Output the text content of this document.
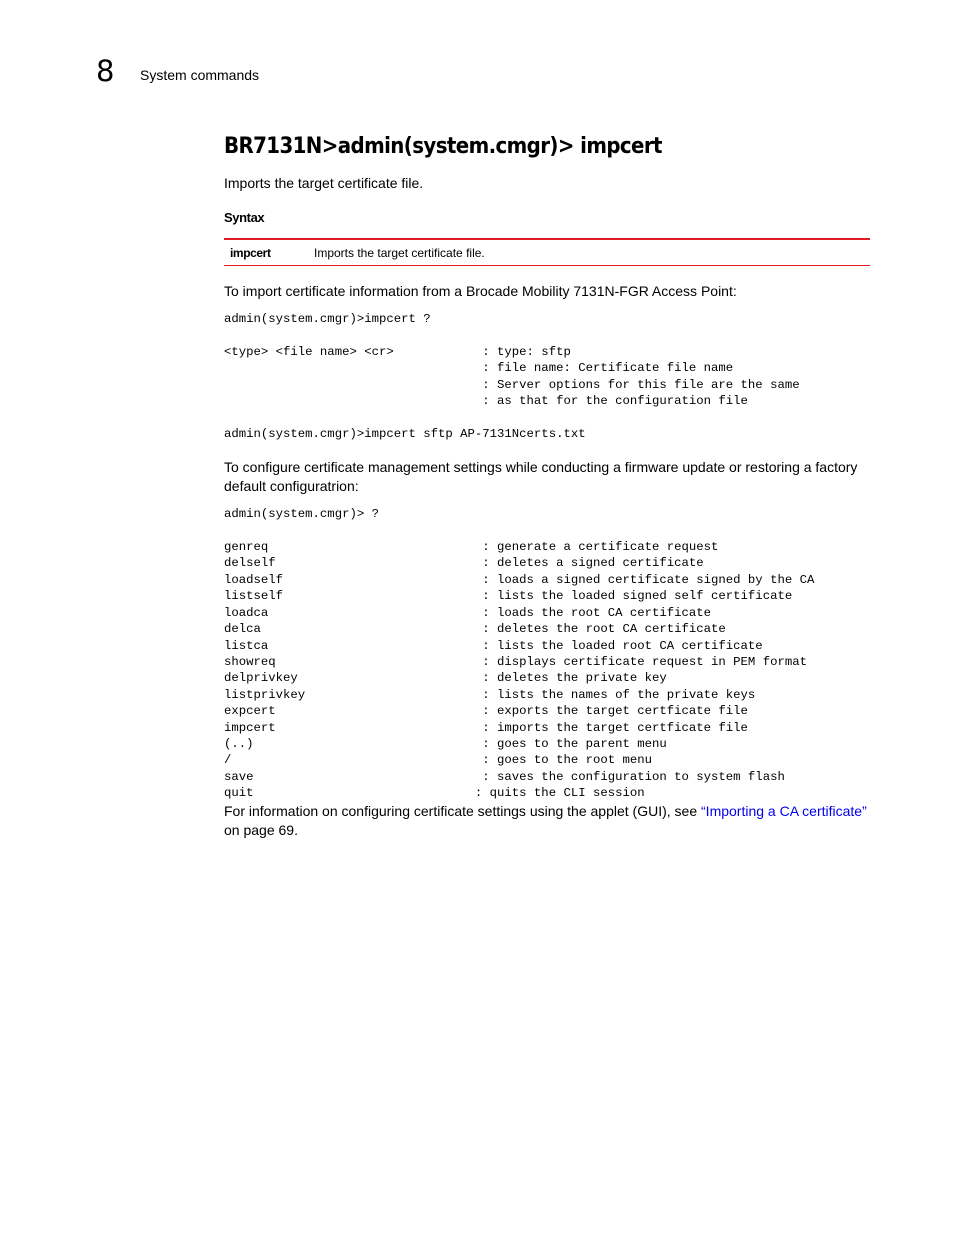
8 System commands
BR7131N>admin(system.cmgr)> impcert

Imports the target certificate file.

Syntax
impcert	Imports the target certificate file.

To import certificate information from a Brocade Mobility 7131N-FGR Access Point:

admin(system.cmgr)>impcert ?

<type> <file name> <cr>            : type: sftp
: file name: Certificate file name
: Server options for this file are the same
: as that for the configuration file

admin(system.cmgr)>impcert sftp AP-7131Ncerts.txt

To configure certificate management settings while conducting a firmware update or restoring a factory default configuratrion:

admin(system.cmgr)> ?

genreq                             : generate a certificate request
delself                            : deletes a signed certificate
loadself                           : loads a signed certificate signed by the CA
listself                           : lists the loaded signed self certificate
loadca                             : loads the root CA certificate
delca                              : deletes the root CA certificate
listca                             : lists the loaded root CA certificate
showreq                            : displays certificate request in PEM format
delprivkey                         : deletes the private key
listprivkey                        : lists the names of the private keys
expcert                            : exports the target certficate file
impcert                            : imports the target certficate file
(..)                               : goes to the parent menu
/                                  : goes to the root menu
save                               : saves the configuration to system flash
quit                              : quits the CLI session

For information on configuring certificate settings using the applet (GUI), see “Importing a CA certificate” on page 69.
